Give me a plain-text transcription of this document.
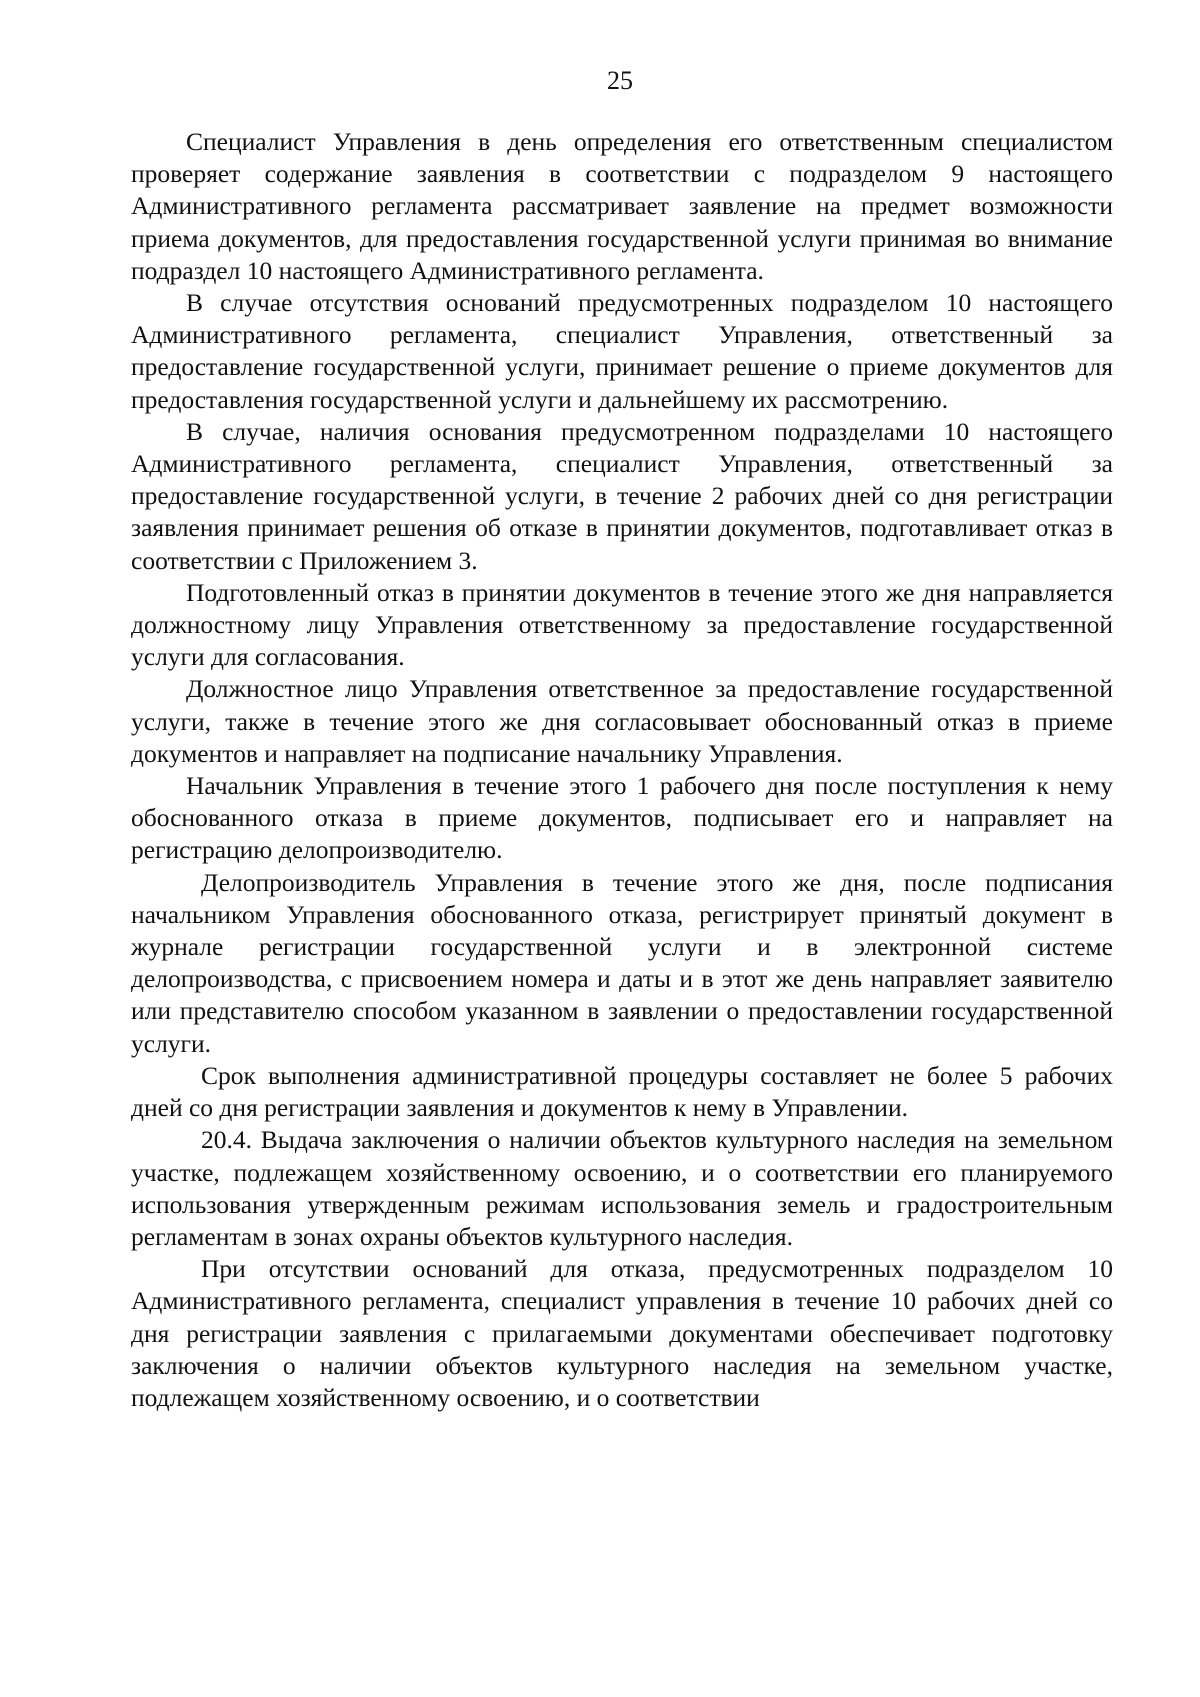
25

Специалист Управления в день определения его ответственным специалистом проверяет содержание заявления в соответствии с подразделом 9 настоящего Административного регламента рассматривает заявление на предмет возможности приема документов, для предоставления государственной услуги принимая во внимание подраздел 10 настоящего Административного регламента.

В случае отсутствия оснований предусмотренных подразделом 10 настоящего Административного регламента, специалист Управления, ответственный за предоставление государственной услуги, принимает решение о приеме документов для предоставления государственной услуги и дальнейшему их рассмотрению.

В случае, наличия основания предусмотренном подразделами 10 настоящего Административного регламента, специалист Управления, ответственный за предоставление государственной услуги, в течение 2 рабочих дней со дня регистрации заявления принимает решения об отказе в принятии документов, подготавливает отказ в соответствии с Приложением 3.

Подготовленный отказ в принятии документов в течение этого же дня направляется должностному лицу Управления ответственному за предоставление государственной услуги для согласования.

Должностное лицо Управления ответственное за предоставление государственной услуги, также в течение этого же дня согласовывает обоснованный отказ в приеме документов и направляет на подписание начальнику Управления.

Начальник Управления в течение этого 1 рабочего дня после поступления к нему обоснованного отказа в приеме документов, подписывает его и направляет на регистрацию делопроизводителю.

Делопроизводитель Управления в течение этого же дня, после подписания начальником Управления обоснованного отказа, регистрирует принятый документ в журнале регистрации государственной услуги и в электронной системе делопроизводства, с присвоением номера и даты и в этот же день направляет заявителю или представителю способом указанном в заявлении о предоставлении государственной услуги.

Срок выполнения административной процедуры составляет не более 5 рабочих дней со дня регистрации заявления и документов к нему в Управлении.

20.4. Выдача заключения о наличии объектов культурного наследия на земельном участке, подлежащем хозяйственному освоению, и о соответствии его планируемого использования утвержденным режимам использования земель и градостроительным регламентам в зонах охраны объектов культурного наследия.

При отсутствии оснований для отказа, предусмотренных подразделом 10 Административного регламента, специалист управления в течение 10 рабочих дней со дня регистрации заявления с прилагаемыми документами обеспечивает подготовку заключения о наличии объектов культурного наследия на земельном участке, подлежащем хозяйственному освоению, и о соответствии
